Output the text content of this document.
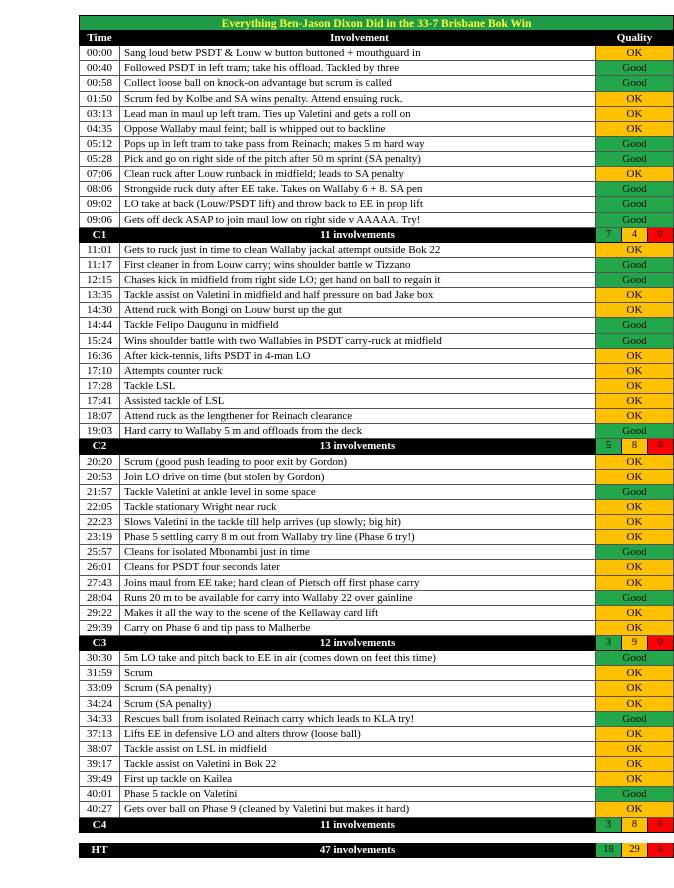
Everything Ben-Jason Dixon Did in the 33-7 Brisbane Bok Win
Time	Involvement	Quality
00:00	Sang loud betw PSDT & Louw w button buttoned + mouthguard in	OK
00:40	Followed PSDT in left tram; take his offload. Tackled by three	Good
00:58	Collect loose ball on knock-on advantage but scrum is called	Good
01:50	Scrum fed by Kolbe and SA wins penalty. Attend ensuing ruck.	OK
03:13	Lead man in maul up left tram. Ties up Valetini and gets a roll on	OK
04:35	Oppose Wallaby maul feint; ball is whipped out to backline	OK
05:12	Pops up in left tram to take pass from Reinach; makes 5 m hard way	Good
05:28	Pick and go on right side of the pitch after 50 m sprint (SA penalty)	Good
07:06	Clean ruck after Louw runback in midfield; leads to SA penalty	OK
08:06	Strongside ruck duty after EE take. Takes on Wallaby 6 + 8. SA pen	Good
09:02	LO take at back (Louw/PSDT lift) and throw back to EE in prop lift	Good
09:06	Gets off deck ASAP to join maul low on right side v AAAAA. Try!	Good
C1	11 involvements	7	4	0
11:01	Gets to ruck just in time to clean Wallaby jackal attempt outside Bok 22	OK
11:17	First cleaner in from Louw carry; wins shoulder battle w Tizzano	Good
12:15	Chases kick in midfield from right side LO; get hand on ball to regain it	Good
13:35	Tackle assist on Valetini in midfield and half pressure on bad Jake box	OK
14:30	Attend ruck with Bongi on Louw burst up the gut	OK
14:44	Tackle Felipo Daugunu in midfield	Good
15:24	Wins shoulder battle with two Wallabies in PSDT carry-ruck at midfield	Good
16:36	After kick-tennis, lifts PSDT in 4-man LO	OK
17:10	Attempts counter ruck	OK
17:28	Tackle LSL	OK
17:41	Assisted tackle of LSL	OK
18:07	Attend ruck as the lengthener for Reinach clearance	OK
19:03	Hard carry to Wallaby 5 m and offloads from the deck	Good
C2	13 involvements	5	8	0
20:20	Scrum (good push leading to poor exit by Gordon)	OK
20:53	Join LO drive on time (but stolen by Gordon)	OK
21:57	Tackle Valetini at ankle level in some space	Good
22:05	Tackle stationary Wright near ruck	OK
22:23	Slows Valetini in the tackle till help arrives (up slowly; big hit)	OK
23:19	Phase 5 settling carry 8 m out from Wallaby try line (Phase 6 try!)	OK
25:57	Cleans for isolated Mbonambi just in time	Good
26:01	Cleans for PSDT four seconds later	OK
27:43	Joins maul from EE take; hard clean of Pietsch off first phase carry	OK
28:04	Runs 20 m to be available for carry into Wallaby 22 over gainline	Good
29:22	Makes it all the way to the scene of the Kellaway card lift	OK
29:39	Carry on Phase 6 and tip pass to Malherbe	OK
C3	12 involvements	3	9	0
30:30	5m LO take and pitch back to EE in air (comes down on feet this time)	Good
31:59	Scrum	OK
33:09	Scrum (SA penalty)	OK
34:24	Scrum (SA penalty)	OK
34:33	Rescues ball from isolated Reinach carry which leads to KLA try!	Good
37:13	Lifts EE in defensive LO and alters throw (loose ball)	OK
38:07	Tackle assist on LSL in midfield	OK
39:17	Tackle assist on Valetini in Bok 22	OK
39:49	First up tackle on Kailea	OK
40:01	Phase 5 tackle on Valetini	Good
40:27	Gets over ball on Phase 9 (cleaned by Valetini but makes it hard)	OK
C4	11 involvements	3	8	0
HT	47 involvements	18	29	0
